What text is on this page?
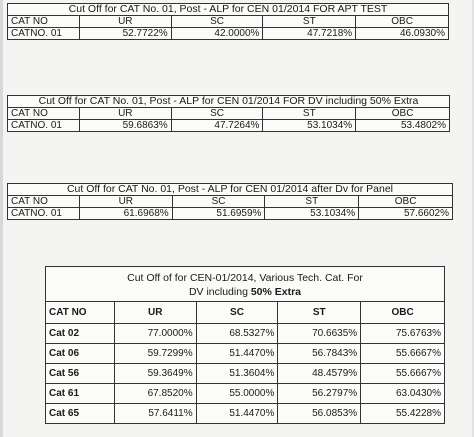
Cut Off for CAT No. 01, Post - ALP for CEN 01/2014 FOR APT TEST				
CAT NO	UR	SC	ST	OBC
CATNO. 01	52.7722%	42.0000%	47.7218%	46.0930%
Cut Off for CAT No. 01, Post - ALP for CEN 01/2014 FOR DV including 50% Extra				
CAT NO	UR	SC	ST	OBC
CATNO. 01	59.6863%	47.7264%	53.1034%	53.4802%
Cut Off for CAT No. 01, Post - ALP for CEN 01/2014 after Dv for Panel				
CAT NO	UR	SC	ST	OBC
CATNO. 01	61.6968%	51.6959%	53.1034%	57.6602%
Cut Off of for CEN-01/2014, Various Tech. Cat. For
DV including 50% Extra				
CAT NO	UR	SC	ST	OBC
Cat 02	77.0000%	68.5327%	70.6635%	75.6763%
Cat 06	59.7299%	51.4470%	56.7843%	55.6667%
Cat 56	59.3649%	51.3604%	48.4579%	55.6667%
Cat 61	67.8520%	55.0000%	56.2797%	63.0430%
Cat 65	57.6411%	51.4470%	56.0853%	55.4228%
